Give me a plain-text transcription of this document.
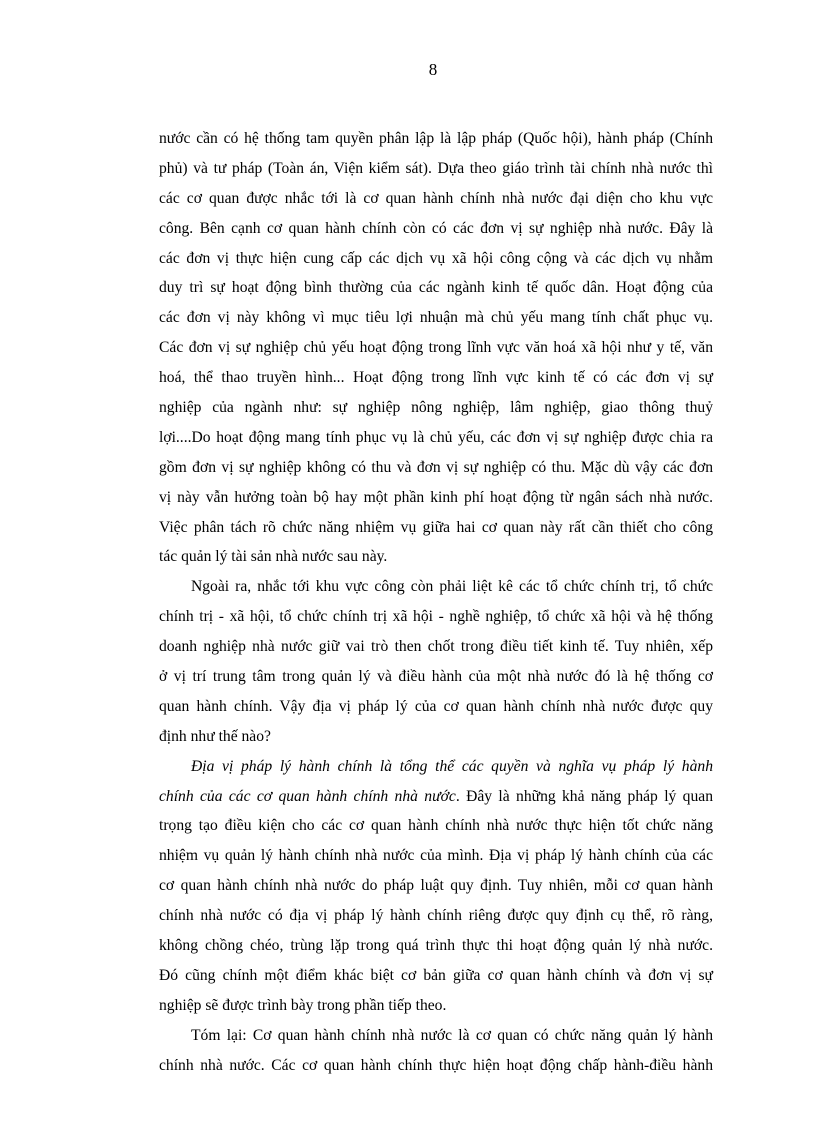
8
nước cần có hệ thống tam quyền phân lập là lập pháp (Quốc hội), hành pháp (Chính
phủ) và tư pháp (Toàn án, Viện kiểm sát). Dựa theo giáo trình tài chính nhà nước thì
các cơ quan được nhắc tới là cơ quan hành chính nhà nước đại diện cho khu vực
công. Bên cạnh cơ quan hành chính còn có các đơn vị sự nghiệp nhà nước. Đây là
các đơn vị thực hiện cung cấp các dịch vụ xã hội công cộng và các dịch vụ nhằm
duy trì sự hoạt động bình thường của các ngành kinh tế quốc dân. Hoạt động của
các đơn vị này không vì mục tiêu lợi nhuận mà chủ yếu mang tính chất phục vụ.
Các đơn vị sự nghiệp chủ yếu hoạt động trong lĩnh vực văn hoá xã hội như y tế, văn
hoá, thể thao truyền hình... Hoạt động trong lĩnh vực kinh tế có các đơn vị sự
nghiệp của ngành như: sự nghiệp nông nghiệp, lâm nghiệp, giao thông thuỷ
lợi....Do hoạt động mang tính phục vụ là chủ yếu, các đơn vị sự nghiệp được chia ra
gồm đơn vị sự nghiệp không có thu và đơn vị sự nghiệp có thu. Mặc dù vậy các đơn
vị này vẫn hưởng toàn bộ hay một phần kinh phí hoạt động từ ngân sách nhà nước.
Việc phân tách rõ chức năng nhiệm vụ giữa hai cơ quan này rất cần thiết cho công
tác quản lý tài sản nhà nước sau này.
Ngoài ra, nhắc tới khu vực công còn phải liệt kê các tổ chức chính trị, tổ chức
chính trị - xã hội, tổ chức chính trị xã hội - nghề nghiệp, tổ chức xã hội và hệ thống
doanh nghiệp nhà nước giữ vai trò then chốt trong điều tiết kinh tế. Tuy nhiên, xếp
ở vị trí trung tâm trong quản lý và điều hành của một nhà nước đó là hệ thống cơ
quan hành chính. Vậy địa vị pháp lý của cơ quan hành chính nhà nước được quy
định như thế nào?
Địa vị pháp lý hành chính là tổng thể các quyền và nghĩa vụ pháp lý hành
chính của các cơ quan hành chính nhà nước. Đây là những khả năng pháp lý quan
trọng tạo điều kiện cho các cơ quan hành chính nhà nước thực hiện tốt chức năng
nhiệm vụ quản lý hành chính nhà nước của mình. Địa vị pháp lý hành chính của các
cơ quan hành chính nhà nước do pháp luật quy định. Tuy nhiên, mỗi cơ quan hành
chính nhà nước có địa vị pháp lý hành chính riêng được quy định cụ thể, rõ ràng,
không chồng chéo, trùng lặp trong quá trình thực thi hoạt động quản lý nhà nước.
Đó cũng chính một điểm khác biệt cơ bản giữa cơ quan hành chính và đơn vị sự
nghiệp sẽ được trình bày trong phần tiếp theo.
Tóm lại: Cơ quan hành chính nhà nước là cơ quan có chức năng quản lý hành
chính nhà nước. Các cơ quan hành chính thực hiện hoạt động chấp hành-điều hành
